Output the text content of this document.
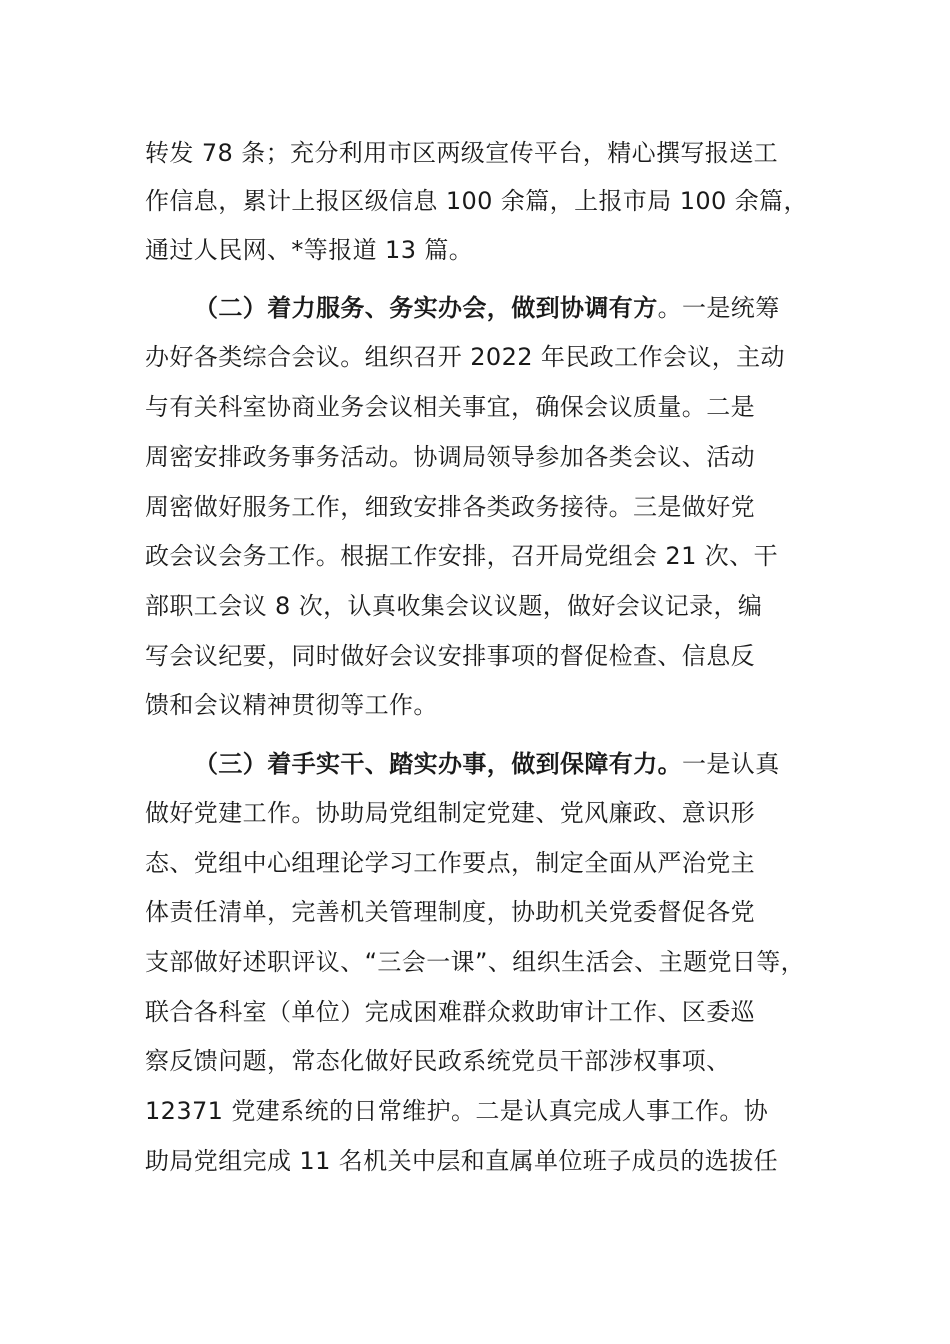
转发 78 条；充分利用市区两级宣传平台，精心撰写报送工
作信息，累计上报区级信息 100 余篇，上报市局 100 余篇，
通过人民网、*等报道 13 篇。
（二）着力服务、务实办会，做到协调有方。一是统筹
办好各类综合会议。组织召开 2022 年民政工作会议，主动
与有关科室协商业务会议相关事宜，确保会议质量。二是
周密安排政务事务活动。协调局领导参加各类会议、活动
周密做好服务工作，细致安排各类政务接待。三是做好党
政会议会务工作。根据工作安排，召开局党组会 21 次、干
部职工会议 8 次，认真收集会议议题，做好会议记录，编
写会议纪要，同时做好会议安排事项的督促检查、信息反
馈和会议精神贯彻等工作。
（三）着手实干、踏实办事，做到保障有力。一是认真
做好党建工作。协助局党组制定党建、党风廉政、意识形
态、党组中心组理论学习工作要点，制定全面从严治党主
体责任清单，完善机关管理制度，协助机关党委督促各党
支部做好述职评议、“三会一课”、组织生活会、主题党日等，
联合各科室（单位）完成困难群众救助审计工作、区委巡
察反馈问题，常态化做好民政系统党员干部涉权事项、
12371 党建系统的日常维护。二是认真完成人事工作。协
助局党组完成 11 名机关中层和直属单位班子成员的选拔任
